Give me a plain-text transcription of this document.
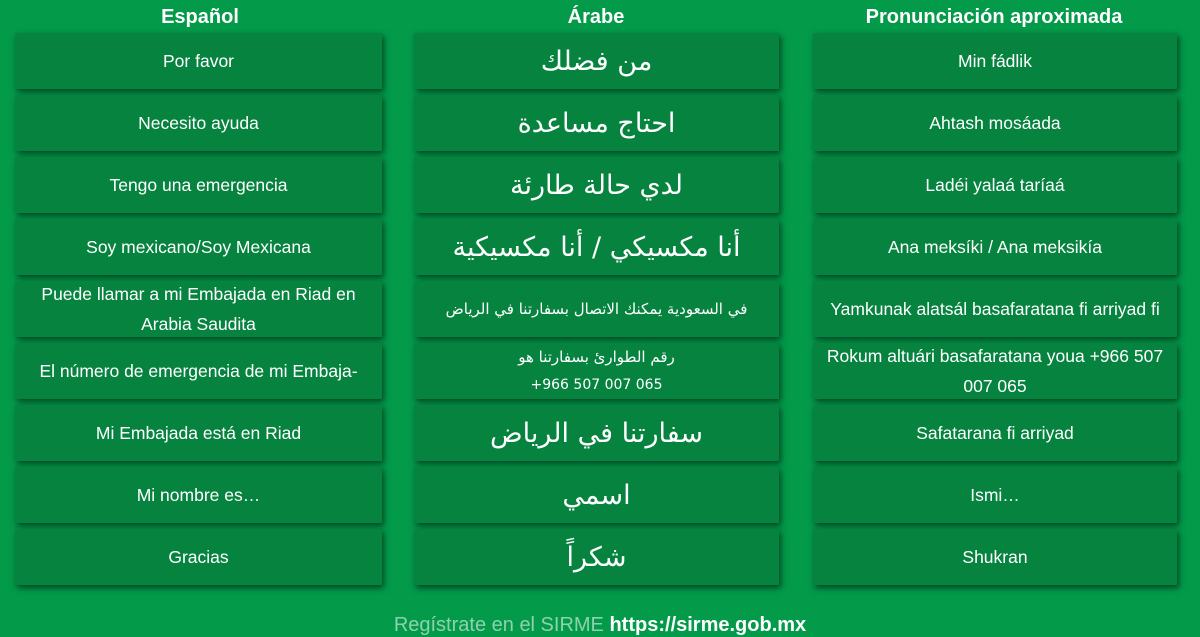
Español	Árabe	Pronunciación aproximada
Por favor
Necesito ayuda
Tengo una emergencia
Soy mexicano/Soy Mexicana
Puede llamar a mi Embajada en Riad en Arabia Saudita
El número de emergencia de mi Embaja-
Mi Embajada está en Riad
Mi nombre es…
Gracias
من فضلك
احتاج مساعدة
لدي حالة طارئة
أنا مكسيكي / أنا مكسيكية
في السعودية يمكنك الاتصال بسفارتنا في الرياض
رقم الطوارئ بسفارتنا هو
+966 507 007 065
سفارتنا في الرياض
اسمي
شكراً
Min fádlik
Ahtash mosáada
Ladéi yalaá taríaá
Ana meksíki / Ana meksikía
Yamkunak alatsál basafaratana fi arriyad fi
Rokum altuári basafaratana youa +966 507 007 065
Safatarana fi arriyad
Ismi…
Shukran
Regístrate en el SIRME https://sirme.gob.mx
